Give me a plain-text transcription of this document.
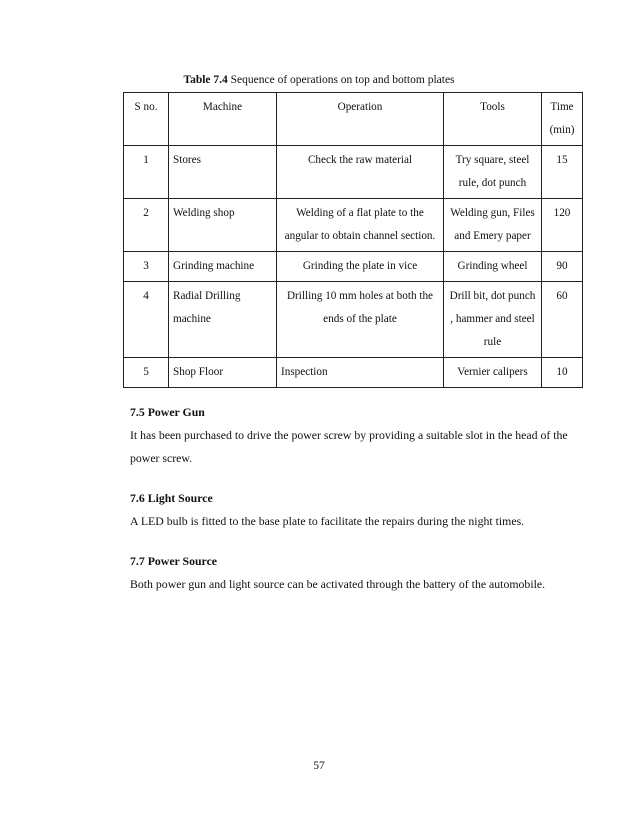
Table 7.4 Sequence of operations on top and bottom plates
S no.	Machine	Operation	Tools	Time (min)
1	Stores	Check the raw material	Try square, steel rule, dot punch	15
2	Welding shop	Welding of a flat plate to the angular to obtain channel section.	Welding gun, Files and Emery paper	120
3	Grinding machine	Grinding the plate in vice	Grinding wheel	90
4	Radial Drilling machine	Drilling 10 mm holes at both the ends of the plate	Drill bit, dot punch , hammer and steel rule	60
5	Shop Floor	Inspection	Vernier calipers	10
7.5 Power Gun
It has been purchased to drive the power screw by providing a suitable slot in the head of the power screw.
7.6 Light Source
A LED bulb is fitted to the base plate to facilitate the repairs during the night times.
7.7 Power Source
Both power gun and light source can be activated through the battery of the automobile.
57
